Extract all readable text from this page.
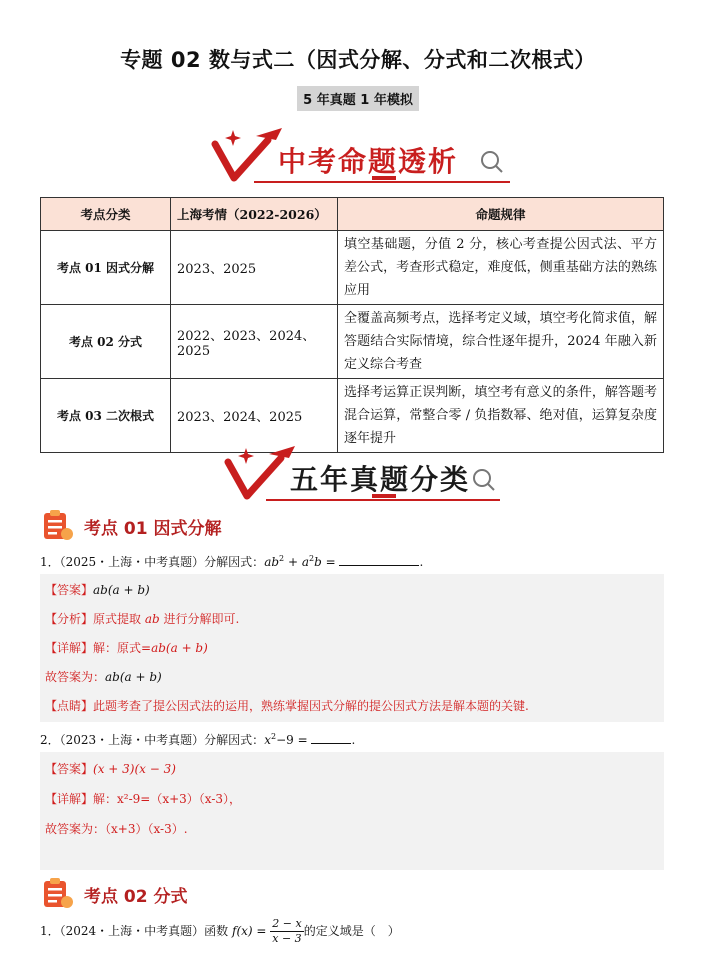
专题 02 数与式二（因式分解、分式和二次根式）
5 年真题 1 年模拟
中考命题透析
考点分类	上海考情（2022-2026）	命题规律
考点 01 因式分解	2023、2025	填空基础题，分值 2 分，核心考查提公因式法、平方差公式，考查形式稳定，难度低，侧重基础方法的熟练应用
考点 02 分式	2022、2023、2024、2025	全覆盖高频考点，选择考定义域，填空考化简求值，解答题结合实际情境，综合性逐年提升，2024 年融入新定义综合考查
考点 03 二次根式	2023、2024、2025	选择考运算正误判断，填空考有意义的条件，解答题考混合运算，常整合零 / 负指数幂、绝对值，运算复杂度逐年提升
五年真题分类
考点 01 因式分解
1．（2025・上海・中考真题）分解因式：$ab^2 + a^2b$ =	.
【答案】ab(a + b)
【分析】原式提取 ab 进行分解即可.
【详解】解：原式=ab(a + b)
故答案为：ab(a + b)
【点睛】此题考查了提公因式法的运用，熟练掌握因式分解的提公因式方法是解本题的关键.
2．（2023・上海・中考真题）分解因式：$x^2-9$ =	.
【答案】(x + 3)(x − 3)
【详解】解：x²-9=（x+3）（x-3），
故答案为：（x+3）（x-3）.
考点 02 分式
1．（2024・上海・中考真题）函数 $f(x) = \frac{2 - x}{x - 3}$ 的定义域是（　）
